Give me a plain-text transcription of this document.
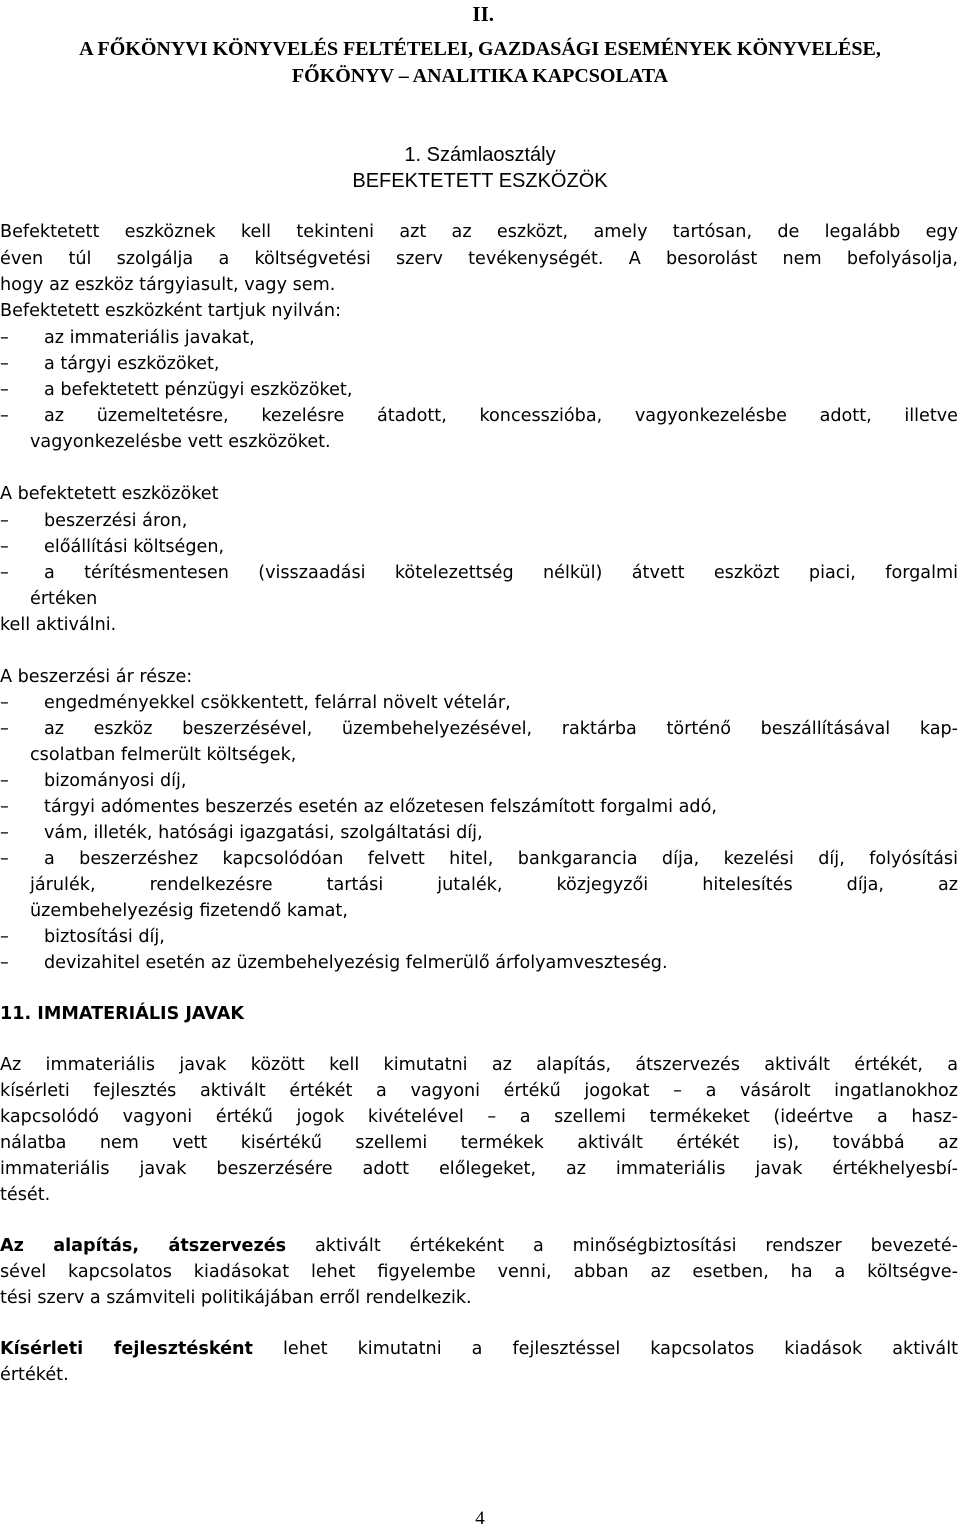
II.
A FŐKÖNYVI KÖNYVELÉS FELTÉTELEI, GAZDASÁGI ESEMÉNYEK KÖNYVELÉSE,
FŐKÖNYV – ANALITIKA KAPCSOLATA
1. Számlaosztály
BEFEKTETETT ESZKÖZÖK
Befektetett eszköznek kell tekinteni azt az eszközt, amely tartósan, de legalább egy
éven túl szolgálja a költségvetési szerv tevékenységét. A besorolást nem befolyásolja,
hogy az eszköz tárgyiasult, vagy sem.
Befektetett eszközként tartjuk nyilván:
– az immateriális javakat,
– a tárgyi eszközöket,
– a befektetett pénzügyi eszközöket,
– az üzemeltetésre, kezelésre átadott, koncesszióba, vagyonkezelésbe adott, illetve
vagyonkezelésbe vett eszközöket.
A befektetett eszközöket
– beszerzési áron,
– előállítási költségen,
– a térítésmentesen (visszaadási kötelezettség nélkül) átvett eszközt piaci, forgalmi
értéken
kell aktiválni.
A beszerzési ár része:
– engedményekkel csökkentett, felárral növelt vételár,
– az eszköz beszerzésével, üzembehelyezésével, raktárba történő beszállításával kap-
csolatban felmerült költségek,
– bizományosi díj,
– tárgyi adómentes beszerzés esetén az előzetesen felszámított forgalmi adó,
– vám, illeték, hatósági igazgatási, szolgáltatási díj,
– a beszerzéshez kapcsolódóan felvett hitel, bankgarancia díja, kezelési díj, folyósítási
járulék, rendelkezésre tartási jutalék, közjegyzői hitelesítés díja, az
üzembehelyezésig fizetendő kamat,
– biztosítási díj,
– devizahitel esetén az üzembehelyezésig felmerülő árfolyamveszteség.
11. IMMATERIÁLIS JAVAK
Az immateriális javak között kell kimutatni az alapítás, átszervezés aktivált értékét, a
kísérleti fejlesztés aktivált értékét a vagyoni értékű jogokat – a vásárolt ingatlanokhoz
kapcsolódó vagyoni értékű jogok kivételével – a szellemi termékeket (ideértve a hasz-
nálatba nem vett kisértékű szellemi termékek aktivált értékét is), továbbá az
immateriális javak beszerzésére adott előlegeket, az immateriális javak értékhelyesbí-
tését.
Az alapítás, átszervezés aktivált értékeként a minőségbiztosítási rendszer bevezeté-
sével kapcsolatos kiadásokat lehet figyelembe venni, abban az esetben, ha a költségve-
tési szerv a számviteli politikájában erről rendelkezik.
Kísérleti fejlesztésként lehet kimutatni a fejlesztéssel kapcsolatos kiadások aktivált
értékét.
4
